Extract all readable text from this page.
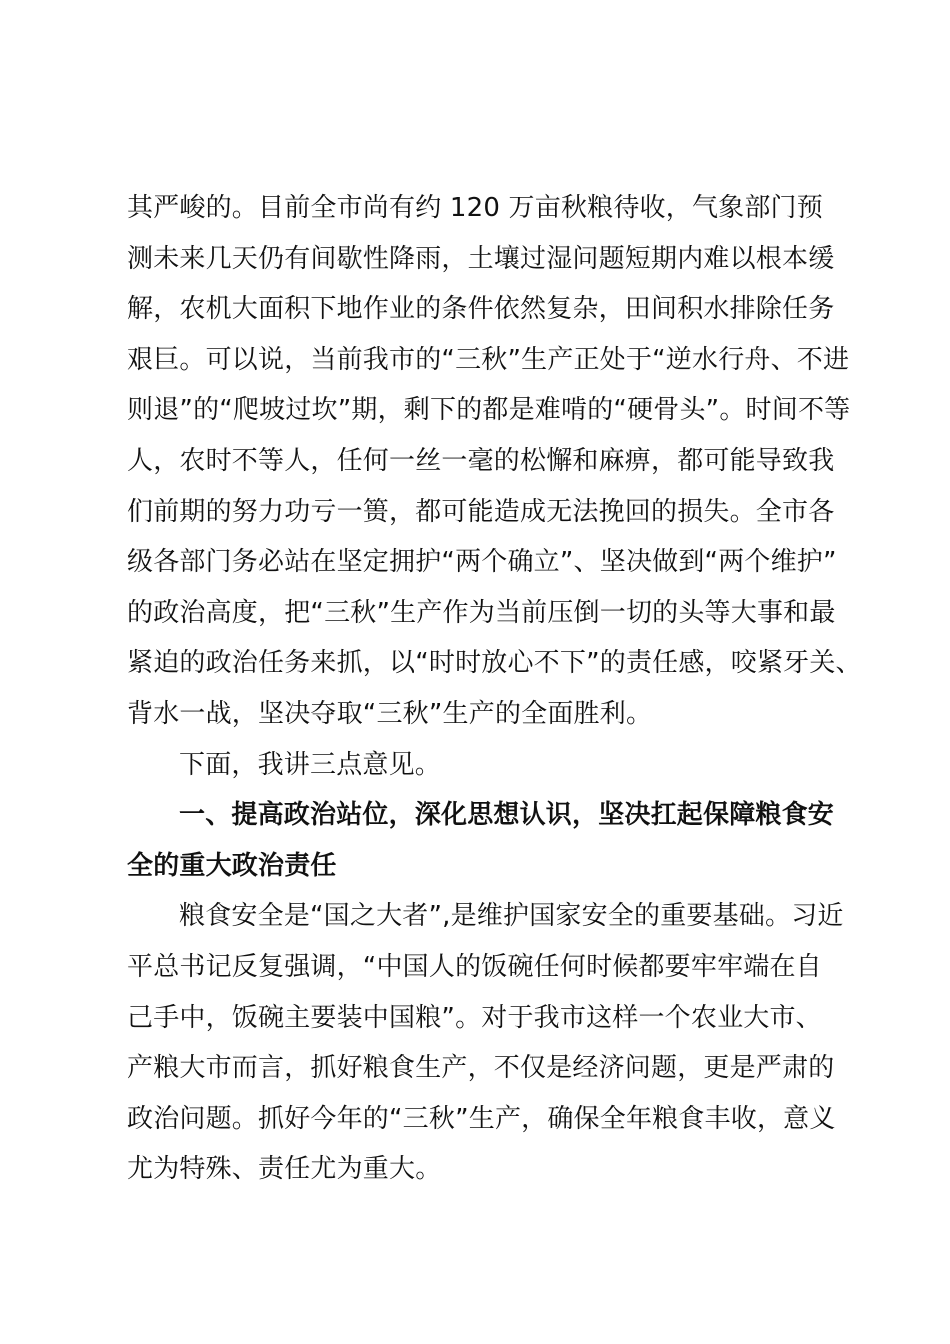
其严峻的。目前全市尚有约 120 万亩秋粮待收，气象部门预
测未来几天仍有间歇性降雨，土壤过湿问题短期内难以根本缓
解，农机大面积下地作业的条件依然复杂，田间积水排除任务
艰巨。可以说，当前我市的“三秋”生产正处于“逆水行舟、不进
则退”的“爬坡过坎”期，剩下的都是难啃的“硬骨头”。时间不等
人，农时不等人，任何一丝一毫的松懈和麻痹，都可能导致我
们前期的努力功亏一篑，都可能造成无法挽回的损失。全市各
级各部门务必站在坚定拥护“两个确立”、坚决做到“两个维护”
的政治高度，把“三秋”生产作为当前压倒一切的头等大事和最
紧迫的政治任务来抓，以“时时放心不下”的责任感，咬紧牙关、
背水一战，坚决夺取“三秋”生产的全面胜利。
下面，我讲三点意见。
一、提高政治站位，深化思想认识，坚决扛起保障粮食安
全的重大政治责任
粮食安全是“国之大者”,是维护国家安全的重要基础。习近
平总书记反复强调，“中国人的饭碗任何时候都要牢牢端在自
己手中，饭碗主要装中国粮”。对于我市这样一个农业大市、
产粮大市而言，抓好粮食生产，不仅是经济问题，更是严肃的
政治问题。抓好今年的“三秋”生产，确保全年粮食丰收，意义
尤为特殊、责任尤为重大。
